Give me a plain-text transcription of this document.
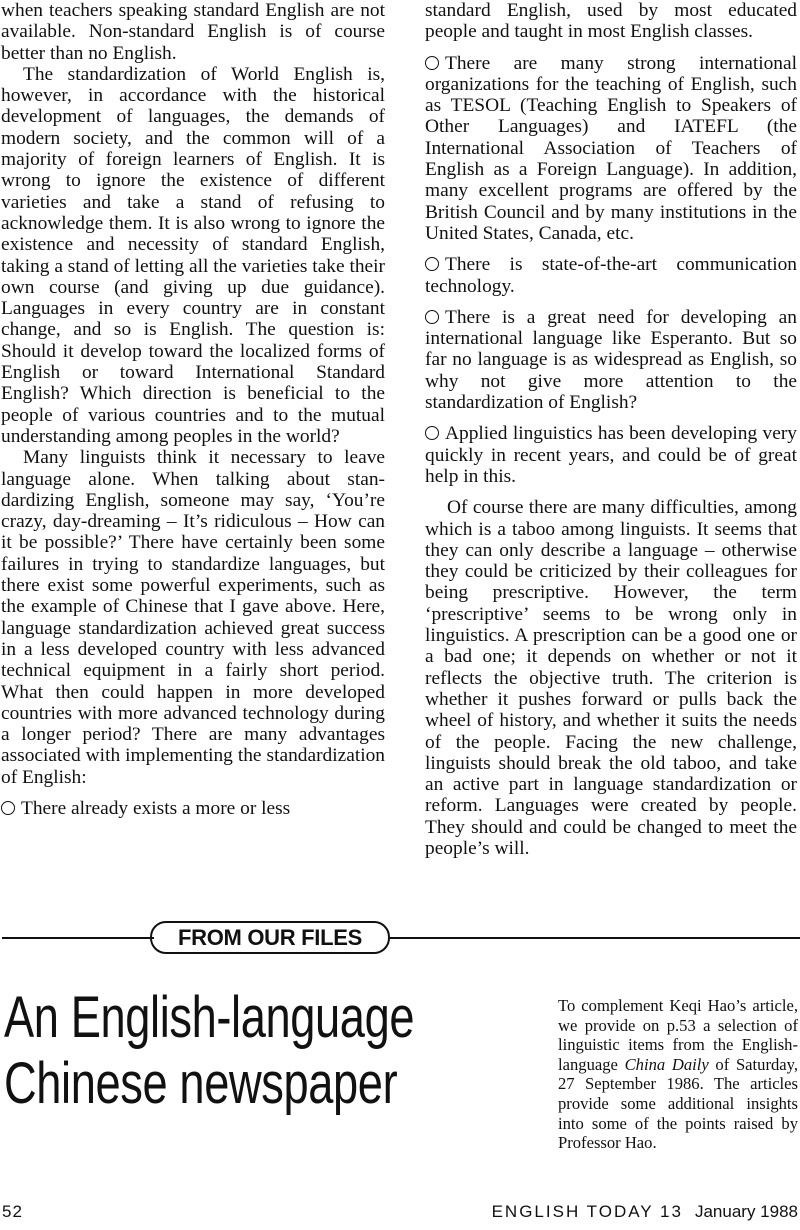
when teachers speaking standard English are not available. Non-standard English is of course better than no English.

The standardization of World English is, however, in accordance with the historical development of languages, the demands of modern society, and the common will of a majority of foreign learners of English. It is wrong to ignore the existence of different varieties and take a stand of refusing to acknowledge them. It is also wrong to ignore the existence and necessity of standard English, taking a stand of letting all the varieties take their own course (and giving up due guidance). Languages in every country are in constant change, and so is English. The question is: Should it develop toward the localized forms of English or toward International Standard English? Which direction is beneficial to the people of various countries and to the mutual understanding among peoples in the world?

Many linguists think it necessary to leave language alone. When talking about standardizing English, someone may say, ‘You’re crazy, day-dreaming – It’s ridiculous – How can it be possible?’ There have certainly been some failures in trying to standardize languages, but there exist some powerful experiments, such as the example of Chinese that I gave above. Here, language standardization achieved great success in a less developed country with less advanced technical equipment in a fairly short period. What then could happen in more developed countries with more advanced technology during a longer period? There are many advantages associated with implementing the standardization of English:

There already exists a more or less

standard English, used by most educated people and taught in most English classes.

There are many strong international organizations for the teaching of English, such as TESOL (Teaching English to Speakers of Other Languages) and IATEFL (the International Association of Teachers of English as a Foreign Language). In addition, many excellent programs are offered by the British Council and by many institutions in the United States, Canada, etc.

There is state-of-the-art communication technology.

There is a great need for developing an international language like Esperanto. But so far no language is as widespread as English, so why not give more attention to the standardization of English?

Applied linguistics has been developing very quickly in recent years, and could be of great help in this.

Of course there are many difficulties, among which is a taboo among linguists. It seems that they can only describe a language – otherwise they could be criticized by their colleagues for being prescriptive. However, the term ‘prescriptive’ seems to be wrong only in linguistics. A prescription can be a good one or a bad one; it depends on whether or not it reflects the objective truth. The criterion is whether it pushes forward or pulls back the wheel of history, and whether it suits the needs of the people. Facing the new challenge, linguists should break the old taboo, and take an active part in language standardization or reform. Languages were created by people. They should and could be changed to meet the people’s will.

FROM OUR FILES
An English-language
Chinese newspaper
To complement Keqi Hao’s article, we provide on p.53 a selection of linguistic items from the English-language China Daily of Saturday, 27 September 1986. The articles provide some additional insights into some of the points raised by Professor Hao.
52	ENGLISH TODAY 13 January 1988
